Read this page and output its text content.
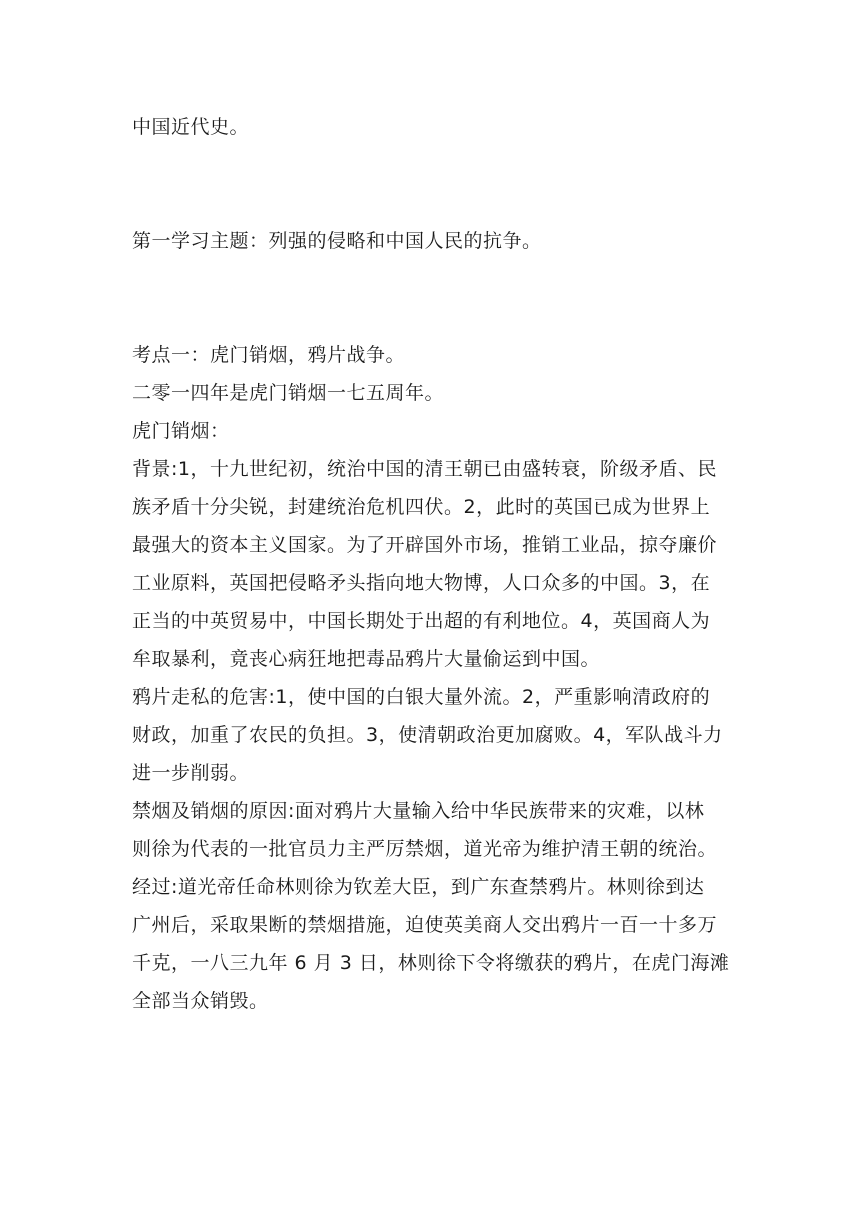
中国近代史。

第一学习主题：列强的侵略和中国人民的抗争。

考点一：虎门销烟，鸦片战争。

二零一四年是虎门销烟一七五周年。

虎门销烟：

背景:1，十九世纪初，统治中国的清王朝已由盛转衰，阶级矛盾、民
族矛盾十分尖锐，封建统治危机四伏。2，此时的英国已成为世界上
最强大的资本主义国家。为了开辟国外市场，推销工业品，掠夺廉价
工业原料，英国把侵略矛头指向地大物博，人口众多的中国。3，在
正当的中英贸易中，中国长期处于出超的有利地位。4，英国商人为
牟取暴利，竟丧心病狂地把毒品鸦片大量偷运到中国。
鸦片走私的危害:1，使中国的白银大量外流。2，严重影响清政府的
财政，加重了农民的负担。3，使清朝政治更加腐败。4，军队战斗力
进一步削弱。
禁烟及销烟的原因:面对鸦片大量输入给中华民族带来的灾难，以林
则徐为代表的一批官员力主严厉禁烟，道光帝为维护清王朝的统治。
经过:道光帝任命林则徐为钦差大臣，到广东查禁鸦片。林则徐到达
广州后，采取果断的禁烟措施，迫使英美商人交出鸦片一百一十多万
千克，一八三九年 6 月 3 日，林则徐下令将缴获的鸦片，在虎门海滩
全部当众销毁。
